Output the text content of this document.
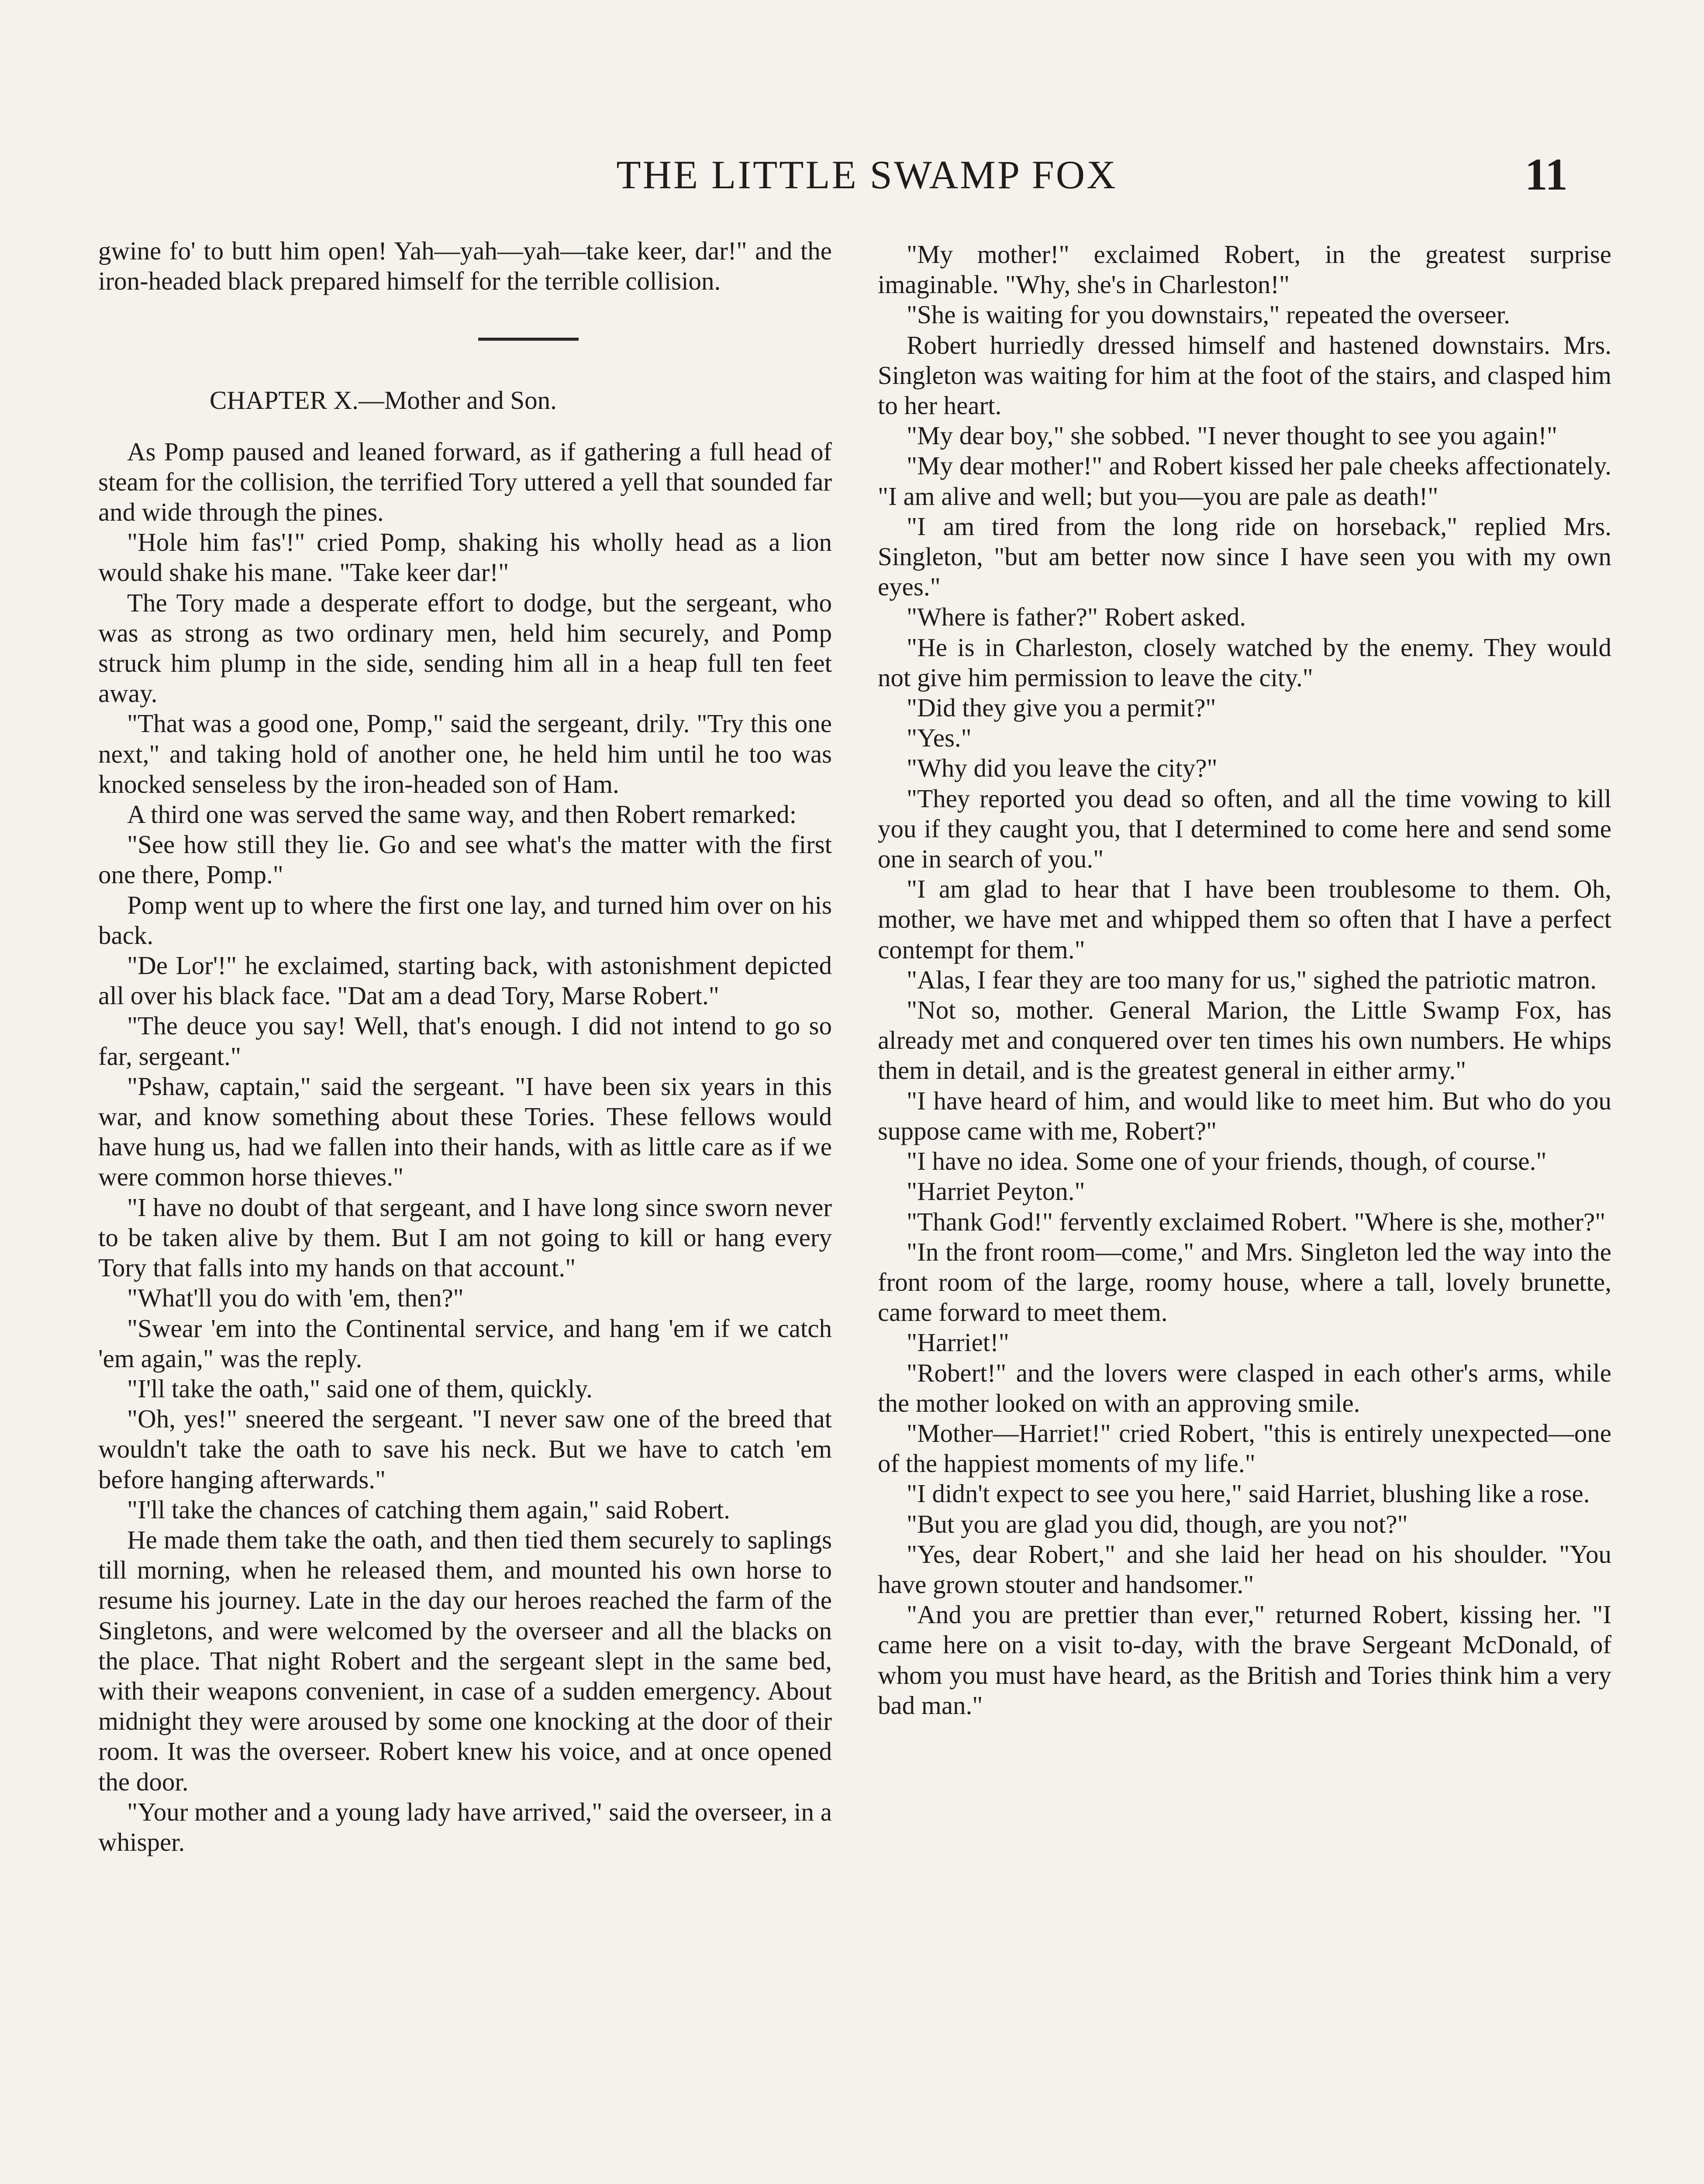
THE LITTLE SWAMP FOX	11

gwine fo' to butt him open! Yah—yah—yah—take keer, dar!" and the iron-headed black prepared himself for the terrible collision.

CHAPTER X.—Mother and Son.

As Pomp paused and leaned forward, as if gathering a full head of steam for the collision, the terrified Tory uttered a yell that sounded far and wide through the pines.

"Hole him fas'!" cried Pomp, shaking his wholly head as a lion would shake his mane. "Take keer dar!"

The Tory made a desperate effort to dodge, but the sergeant, who was as strong as two ordinary men, held him securely, and Pomp struck him plump in the side, sending him all in a heap full ten feet away.

"That was a good one, Pomp," said the sergeant, drily. "Try this one next," and taking hold of another one, he held him until he too was knocked senseless by the iron-headed son of Ham.

A third one was served the same way, and then Robert remarked:

"See how still they lie. Go and see what's the matter with the first one there, Pomp."

Pomp went up to where the first one lay, and turned him over on his back.

"De Lor'!" he exclaimed, starting back, with astonishment depicted all over his black face. "Dat am a dead Tory, Marse Robert."

"The deuce you say! Well, that's enough. I did not intend to go so far, sergeant."

"Pshaw, captain," said the sergeant. "I have been six years in this war, and know something about these Tories. These fellows would have hung us, had we fallen into their hands, with as little care as if we were common horse thieves."

"I have no doubt of that sergeant, and I have long since sworn never to be taken alive by them. But I am not going to kill or hang every Tory that falls into my hands on that account."

"What'll you do with 'em, then?"

"Swear 'em into the Continental service, and hang 'em if we catch 'em again," was the reply.

"I'll take the oath," said one of them, quickly.

"Oh, yes!" sneered the sergeant. "I never saw one of the breed that wouldn't take the oath to save his neck. But we have to catch 'em before hanging afterwards."

"I'll take the chances of catching them again," said Robert.

He made them take the oath, and then tied them securely to saplings till morning, when he released them, and mounted his own horse to resume his journey. Late in the day our heroes reached the farm of the Singletons, and were welcomed by the overseer and all the blacks on the place. That night Robert and the sergeant slept in the same bed, with their weapons convenient, in case of a sudden emergency. About midnight they were aroused by some one knocking at the door of their room. It was the overseer. Robert knew his voice, and at once opened the door.

"Your mother and a young lady have arrived," said the overseer, in a whisper.

"My mother!" exclaimed Robert, in the greatest surprise imaginable. "Why, she's in Charleston!"

"She is waiting for you downstairs," repeated the overseer.

Robert hurriedly dressed himself and hastened downstairs. Mrs. Singleton was waiting for him at the foot of the stairs, and clasped him to her heart.

"My dear boy," she sobbed. "I never thought to see you again!"

"My dear mother!" and Robert kissed her pale cheeks affectionately. "I am alive and well; but you—you are pale as death!"

"I am tired from the long ride on horseback," replied Mrs. Singleton, "but am better now since I have seen you with my own eyes."

"Where is father?" Robert asked.

"He is in Charleston, closely watched by the enemy. They would not give him permission to leave the city."

"Did they give you a permit?"

"Yes."

"Why did you leave the city?"

"They reported you dead so often, and all the time vowing to kill you if they caught you, that I determined to come here and send some one in search of you."

"I am glad to hear that I have been troublesome to them. Oh, mother, we have met and whipped them so often that I have a perfect contempt for them."

"Alas, I fear they are too many for us," sighed the patriotic matron.

"Not so, mother. General Marion, the Little Swamp Fox, has already met and conquered over ten times his own numbers. He whips them in detail, and is the greatest general in either army."

"I have heard of him, and would like to meet him. But who do you suppose came with me, Robert?"

"I have no idea. Some one of your friends, though, of course."

"Harriet Peyton."

"Thank God!" fervently exclaimed Robert. "Where is she, mother?"

"In the front room—come," and Mrs. Singleton led the way into the front room of the large, roomy house, where a tall, lovely brunette, came forward to meet them.

"Harriet!"

"Robert!" and the lovers were clasped in each other's arms, while the mother looked on with an approving smile.

"Mother—Harriet!" cried Robert, "this is entirely unexpected—one of the happiest moments of my life."

"I didn't expect to see you here," said Harriet, blushing like a rose.

"But you are glad you did, though, are you not?"

"Yes, dear Robert," and she laid her head on his shoulder. "You have grown stouter and handsomer."

"And you are prettier than ever," returned Robert, kissing her. "I came here on a visit to-day, with the brave Sergeant McDonald, of whom you must have heard, as the British and Tories think him a very bad man."
